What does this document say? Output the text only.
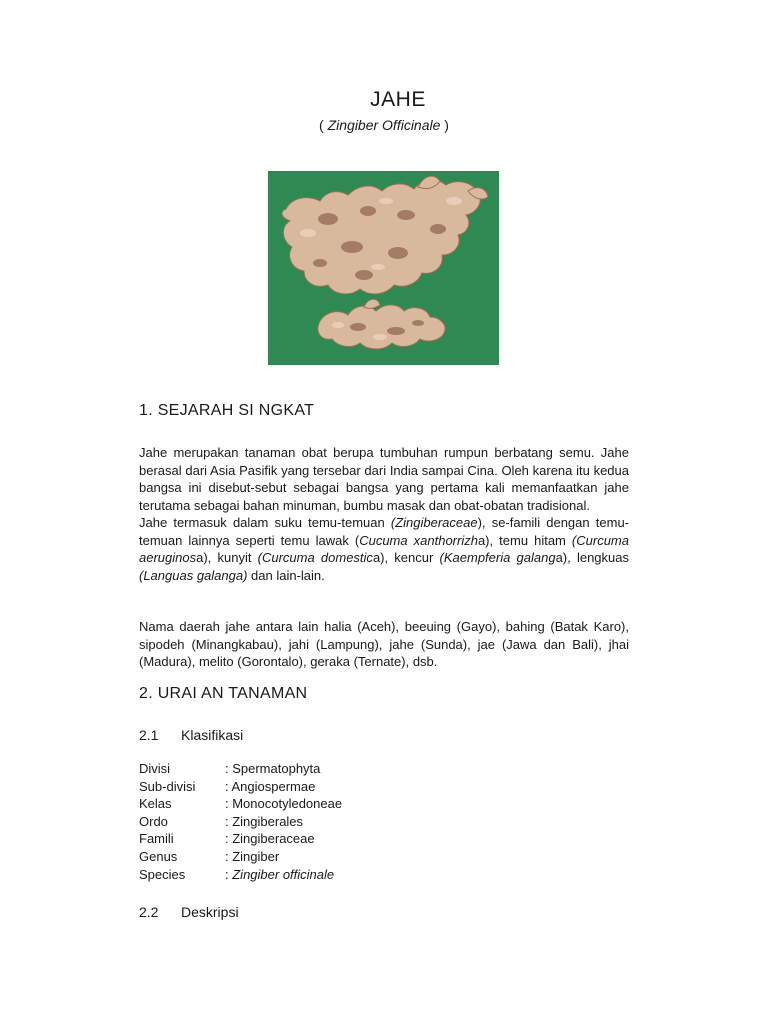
JAHE
( Zingiber Officinale )
1. SEJARAH SI NGKAT

Jahe merupakan tanaman obat berupa tumbuhan rumpun berbatang semu. Jahe berasal dari Asia Pasifik yang tersebar dari India sampai Cina. Oleh karena itu kedua bangsa ini disebut-sebut sebagai bangsa yang pertama kali memanfaatkan jahe terutama sebagai bahan minuman, bumbu masak dan obat-obatan tradisional.

Jahe termasuk dalam suku temu-temuan (Zingiberaceae), se-famili dengan temu-temuan lainnya seperti temu lawak (Cucuma xanthorrizha), temu hitam (Curcuma aeruginosa), kunyit (Curcuma domestica), kencur (Kaempferia galanga), lengkuas (Languas galanga) dan lain-lain.

Nama daerah jahe antara lain halia (Aceh), beeuing (Gayo), bahing (Batak Karo), sipodeh (Minangkabau), jahi (Lampung), jahe (Sunda), jae (Jawa dan Bali), jhai (Madura), melito (Gorontalo), geraka (Ternate), dsb.

2. URAI AN TANAMAN
2.1 Klasifikasi
Divisi	: Spermatophyta
Sub-divisi	: Angiospermae
Kelas	: Monocotyledoneae
Ordo	: Zingiberales
Famili	: Zingiberaceae
Genus	: Zingiber
Species	: Zingiber officinale
2.2 Deskripsi
